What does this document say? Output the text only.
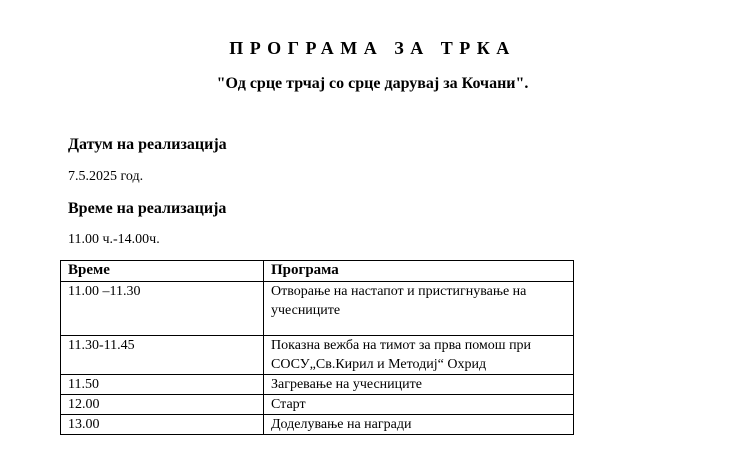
ПРОГРАМА ЗА ТРКА
"Од срце трчај со срце дарувај за Кочани".
Датум на реализација
7.5.2025 год.
Време на реализација
11.00 ч.-14.00ч.
Време	Програма
11.00 –11.30	Отворање на настапот и пристигнување на учесниците
11.30-11.45	Показна вежба на тимот за прва помош при СОСУ„Св.Кирил и Методиј“ Охрид
11.50	Загревање на учесниците
12.00	Старт
13.00	Доделување на награди
